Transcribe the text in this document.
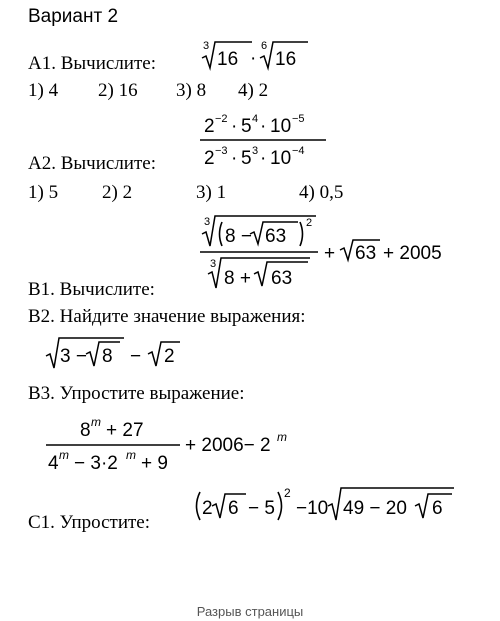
Вариант 2
А1. Вычислите:
3
16 ·
6
16
1) 4 2) 16 3) 8 4) 2
2 −2 · 5 4 · 10 −5
2 −3 · 5 3 · 10 −4
А2. Вычислите:
1) 5 2) 2	3) 1	4) 0,5
3
8 − 63
2
3
8 + 63
+ 63 + 2005
В1. Вычислите:
В2. Найдите значение выражения:
3 − 8 − 2
В3. Упростите выражение:
8 m + 27
4 m − 3·2 m + 9
+ 2006− 2 m
С1. Упростите:
2 6 − 5
2
−10 49 − 20 6
Разрыв страницы
